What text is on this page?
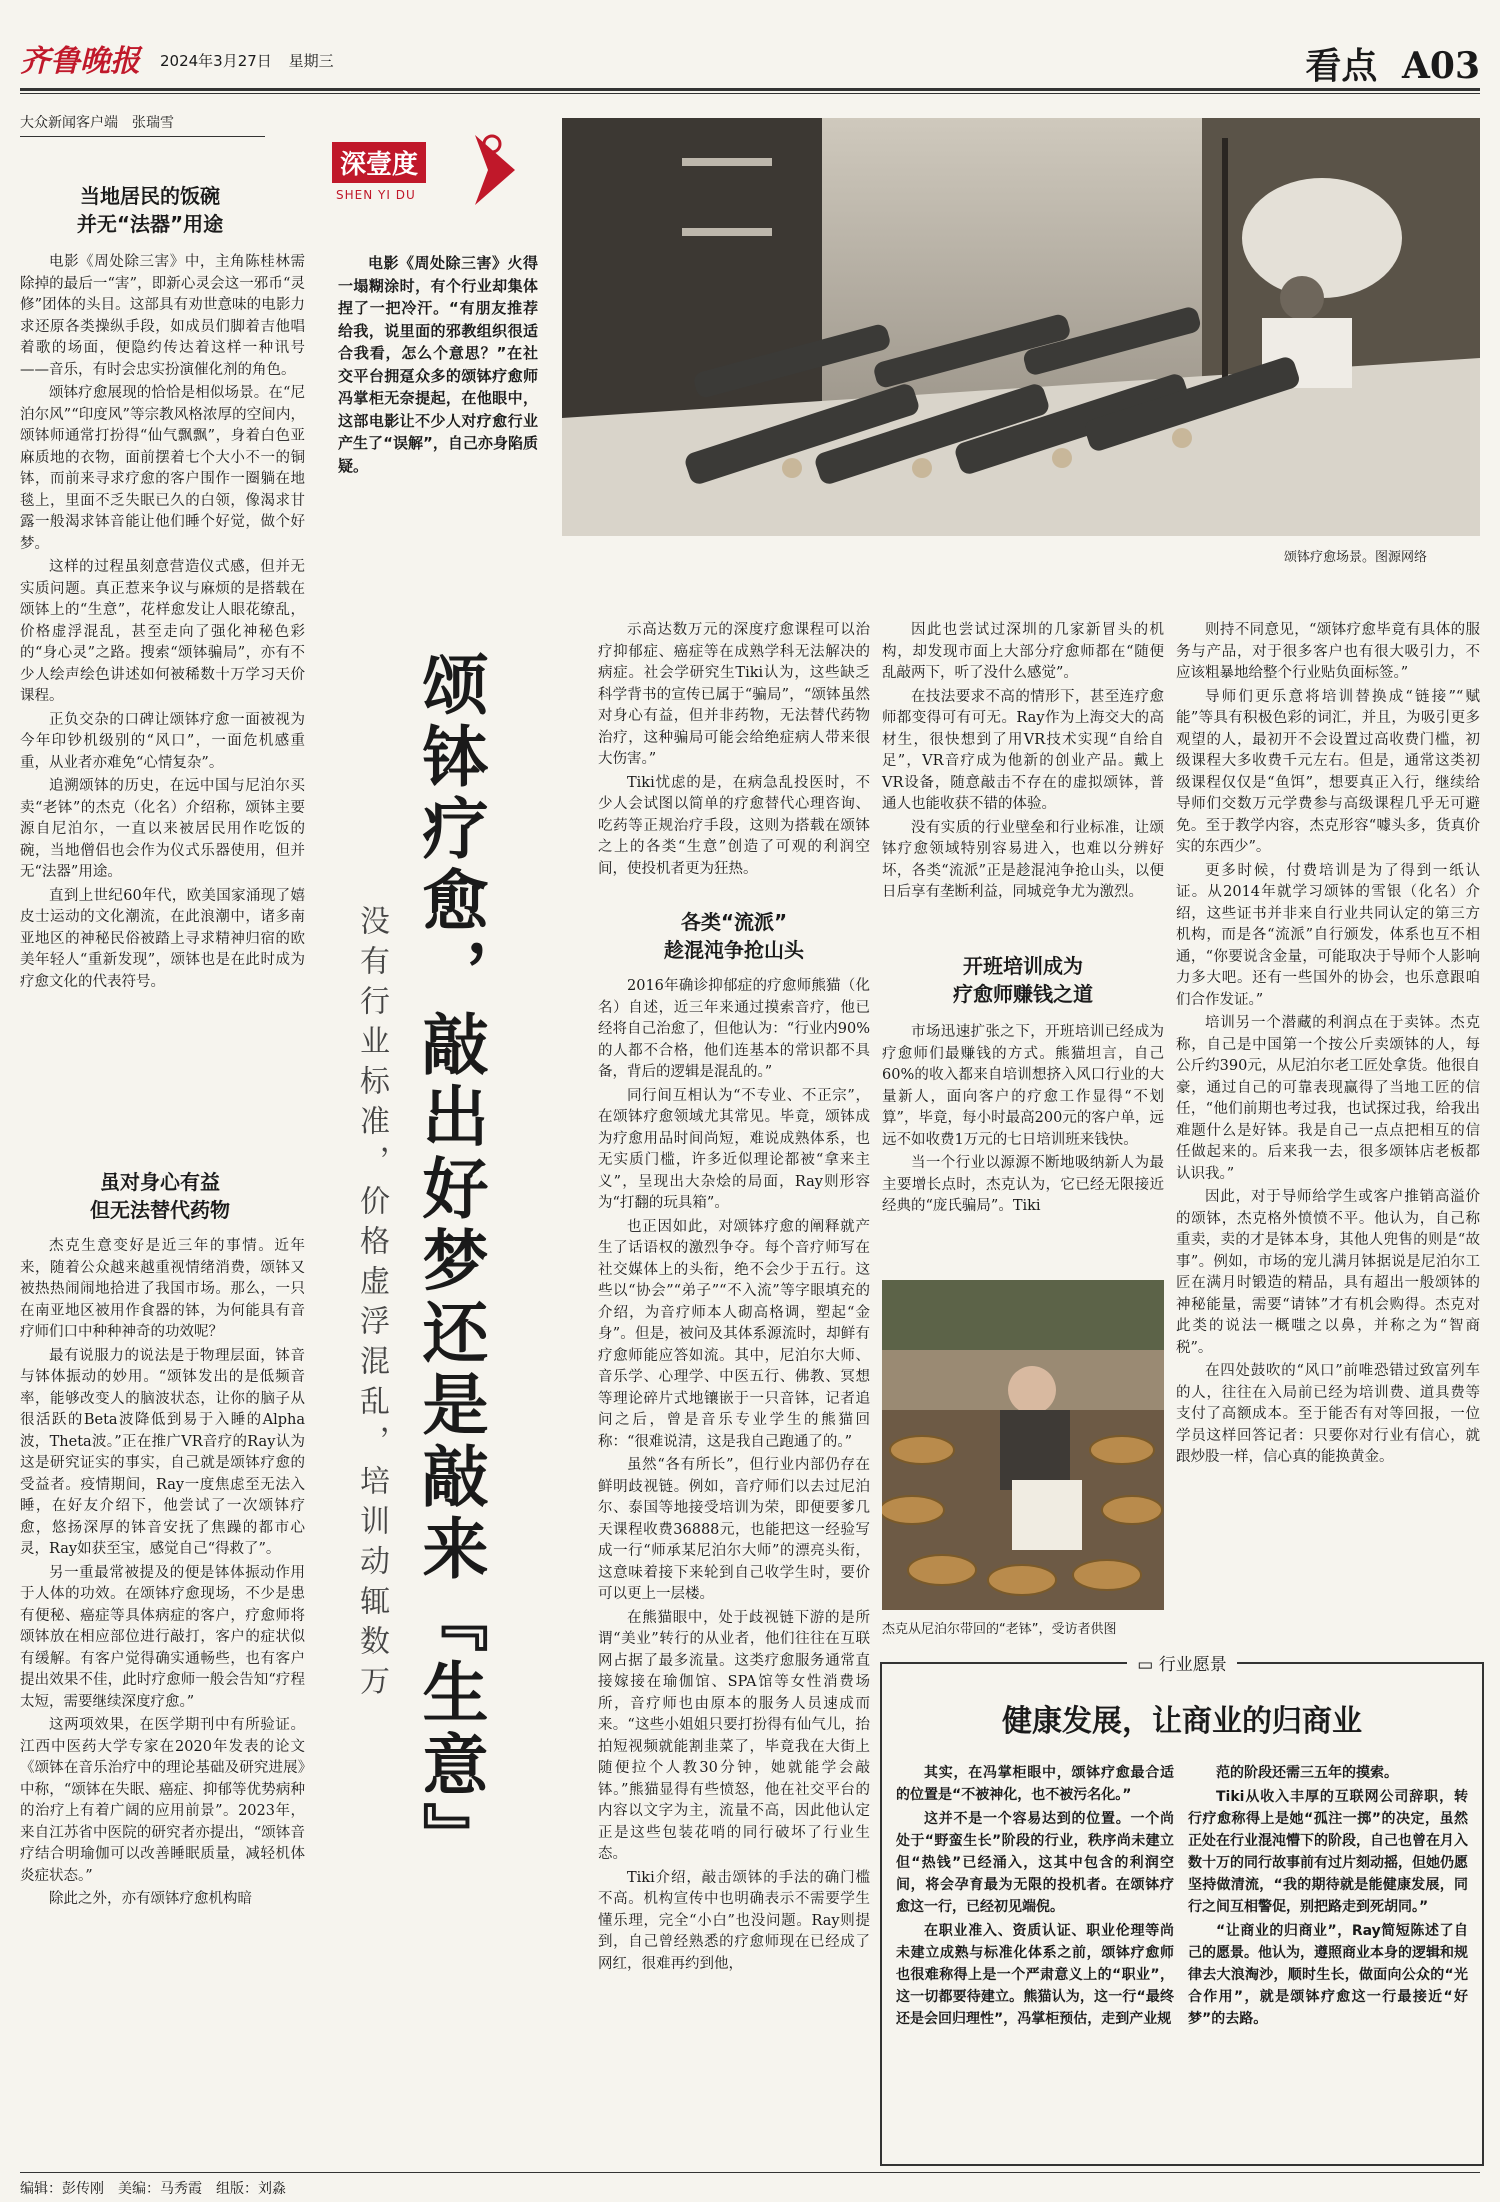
齐鲁晚报 2024年3月27日 星期三	看点 A03
大众新闻客户端　张瑞雪
深壹度
SHEN YI DU
电影《周处除三害》火得一塌糊涂时，有个行业却集体捏了一把冷汗。“有朋友推荐给我，说里面的邪教组织很适合我看，怎么个意思？”在社交平台拥趸众多的颂钵疗愈师冯掌柜无奈提起，在他眼中，这部电影让不少人对疗愈行业产生了“误解”，自己亦身陷质疑。
颂钵疗愈场景。图源网络
当地居民的饭碗
并无“法器”用途

电影《周处除三害》中，主角陈桂林需除掉的最后一“害”，即新心灵会这一邪币“灵修”团体的头目。这部具有劝世意味的电影力求还原各类操纵手段，如成员们脚着吉他唱着歌的场面，便隐约传达着这样一种讯号——音乐，有时会忠实扮演催化剂的角色。

颂钵疗愈展现的恰恰是相似场景。在“尼泊尔风”“印度风”等宗教风格浓厚的空间内，颂钵师通常打扮得“仙气飘飘”，身着白色亚麻质地的衣物，面前摆着七个大小不一的铜钵，而前来寻求疗愈的客户围作一圈躺在地毯上，里面不乏失眠已久的白领，像渴求甘露一般渴求钵音能让他们睡个好觉，做个好梦。

这样的过程虽刻意营造仪式感，但并无实质问题。真正惹来争议与麻烦的是搭载在颂钵上的“生意”，花样愈发让人眼花缭乱，价格虚浮混乱，甚至走向了强化神秘色彩的“身心灵”之路。搜索“颂钵骗局”，亦有不少人绘声绘色讲述如何被稀数十万学习天价课程。

正负交杂的口碑让颂钵疗愈一面被视为今年印钞机级别的“风口”，一面危机感重重，从业者亦难免“心情复杂”。

追溯颂钵的历史，在远中国与尼泊尔买卖“老钵”的杰克（化名）介绍称，颂钵主要源自尼泊尔，一直以来被居民用作吃饭的碗，当地僧侣也会作为仪式乐器使用，但并无“法器”用途。

直到上世纪60年代，欧美国家涌现了嬉皮士运动的文化潮流，在此浪潮中，诸多南亚地区的神秘民俗被踏上寻求精神归宿的欧美年轻人“重新发现”，颂钵也是在此时成为疗愈文化的代表符号。

虽对身心有益
但无法替代药物

杰克生意变好是近三年的事情。近年来，随着公众越来越重视情绪消费，颂钵又被热热闹闹地拾进了我国市场。那么，一只在南亚地区被用作食器的钵，为何能具有音疗师们口中种种神奇的功效呢？

最有说服力的说法是于物理层面，钵音与钵体振动的妙用。“颂钵发出的是低频音率，能够改变人的脑波状态，让你的脑子从很活跃的Beta波降低到易于入睡的Alpha波，Theta波。”正在推广VR音疗的Ray认为这是研究证实的事实，自己就是颂钵疗愈的受益者。疫情期间，Ray一度焦虑至无法入睡，在好友介绍下，他尝试了一次颂钵疗愈，悠扬深厚的钵音安抚了焦躁的都市心灵，Ray如获至宝，感觉自己“得救了”。

另一重最常被提及的便是钵体振动作用于人体的功效。在颂钵疗愈现场，不少是患有便秘、癌症等具体病症的客户，疗愈师将颂钵放在相应部位进行敲打，客户的症状似有缓解。有客户觉得确实通畅些，也有客户提出效果不佳，此时疗愈师一般会告知“疗程太短，需要继续深度疗愈。”

这两项效果，在医学期刊中有所验证。江西中医药大学专家在2020年发表的论文《颂钵在音乐治疗中的理论基础及研究进展》中称，“颂钵在失眠、癌症、抑郁等优势病种的治疗上有着广阔的应用前景”。2023年，来自江苏省中医院的研究者亦提出，“颂钵音疗结合明瑜伽可以改善睡眠质量，减轻机体炎症状态。”

除此之外，亦有颂钵疗愈机构暗

颂钵疗愈，敲出好梦还是敲来『生意』
没有行业标准，价格虚浮混乱，培训动辄数万

示高达数万元的深度疗愈课程可以治疗抑郁症、癌症等在成熟学科无法解决的病症。社会学研究生Tiki认为，这些缺乏科学背书的宣传已属于“骗局”，“颂钵虽然对身心有益，但并非药物，无法替代药物治疗，这种骗局可能会给绝症病人带来很大伤害。”

Tiki忧虑的是，在病急乱投医时，不少人会试图以简单的疗愈替代心理咨询、吃药等正规治疗手段，这则为搭载在颂钵之上的各类“生意”创造了可观的利润空间，使投机者更为狂热。

各类“流派”
趁混沌争抢山头

2016年确诊抑郁症的疗愈师熊猫（化名）自述，近三年来通过摸索音疗，他已经将自己治愈了，但他认为：“行业内90%的人都不合格，他们连基本的常识都不具备，背后的逻辑是混乱的。”

同行间互相认为“不专业、不正宗”，在颂钵疗愈领域尤其常见。毕竟，颂钵成为疗愈用品时间尚短，难说成熟体系，也无实质门槛，许多近似理论都被“拿来主义”，呈现出大杂烩的局面，Ray则形容为“打翻的玩具箱”。

也正因如此，对颂钵疗愈的阐释就产生了话语权的激烈争夺。每个音疗师写在社交媒体上的头衔，绝不会少于五行。这些以“协会”“弟子”“不入流”等字眼填充的介绍，为音疗师本人砌高格调，塑起“金身”。但是，被问及其体系源流时，却鲜有疗愈师能应答如流。其中，尼泊尔大师、音乐学、心理学、中医五行、佛教、冥想等理论碎片式地镶嵌于一只音钵，记者追问之后，曾是音乐专业学生的熊猫回称：“很难说清，这是我自己跑通了的。”

虽然“各有所长”，但行业内部仍存在鲜明歧视链。例如，音疗师们以去过尼泊尔、泰国等地接受培训为荣，即便要爹几天课程收费36888元，也能把这一经验写成一行“师承某尼泊尔大师”的漂亮头衔，这意味着接下来轮到自己收学生时，要价可以更上一层楼。

在熊猫眼中，处于歧视链下游的是所谓“美业”转行的从业者，他们往往在互联网占据了最多流量。这类疗愈服务通常直接嫁接在瑜伽馆、SPA馆等女性消费场所，音疗师也由原本的服务人员速成而来。“这些小姐姐只要打扮得有仙气儿，抬拍短视频就能割韭菜了，毕竟我在大街上随便拉个人教30分钟，她就能学会敲钵。”熊猫显得有些愤怒，他在社交平台的内容以文字为主，流量不高，因此他认定正是这些包装花哨的同行破坏了行业生态。

Tiki介绍，敲击颂钵的手法的确门槛不高。机构宣传中也明确表示不需要学生懂乐理，完全“小白”也没问题。Ray则提到，自己曾经熟悉的疗愈师现在已经成了网红，很难再约到他，

因此也尝试过深圳的几家新冒头的机构，却发现市面上大部分疗愈师都在“随便乱敲两下，听了没什么感觉”。

在技法要求不高的情形下，甚至连疗愈师都变得可有可无。Ray作为上海交大的高材生，很快想到了用VR技术实现“自给自足”，VR音疗成为他新的创业产品。戴上VR设备，随意敲击不存在的虚拟颂钵，普通人也能收获不错的体验。

没有实质的行业壁垒和行业标准，让颂钵疗愈领域特别容易进入，也难以分辨好坏，各类“流派”正是趁混沌争抢山头，以便日后享有垄断利益，同城竞争尤为激烈。

开班培训成为
疗愈师赚钱之道

市场迅速扩张之下，开班培训已经成为疗愈师们最赚钱的方式。熊猫坦言，自己60%的收入都来自培训想挤入风口行业的大量新人，面向客户的疗愈工作显得“不划算”，毕竟，每小时最高200元的客户单，远远不如收费1万元的七日培训班来钱快。

当一个行业以源源不断地吸纳新人为最主要增长点时，杰克认为，它已经无限接近经典的“庞氏骗局”。Tiki

杰克从尼泊尔带回的“老钵”，受访者供图

则持不同意见，“颂钵疗愈毕竟有具体的服务与产品，对于很多客户也有很大吸引力，不应该粗暴地给整个行业贴负面标签。”

导师们更乐意将培训替换成“链接”“赋能”等具有积极色彩的词汇，并且，为吸引更多观望的人，最初开不会设置过高收费门槛，初级课程大多收费千元左右。但是，通常这类初级课程仅仅是“鱼饵”，想要真正入行，继续给导师们交数万元学费参与高级课程几乎无可避免。至于教学内容，杰克形容“噱头多，货真价实的东西少”。

更多时候，付费培训是为了得到一纸认证。从2014年就学习颂钵的雪银（化名）介绍，这些证书并非来自行业共同认定的第三方机构，而是各“流派”自行颁发，体系也互不相通，“你要说含金量，可能取决于导师个人影响力多大吧。还有一些国外的协会，也乐意跟咱们合作发证。”

培训另一个潜藏的利润点在于卖钵。杰克称，自己是中国第一个按公斤卖颂钵的人，每公斤约390元，从尼泊尔老工匠处拿货。他很自豪，通过自己的可靠表现赢得了当地工匠的信任，“他们前期也考过我，也试探过我，给我出难题什么是好钵。我是自己一点点把相互的信任做起来的。后来我一去，很多颂钵店老板都认识我。”

因此，对于导师给学生或客户推销高溢价的颂钵，杰克格外愤愤不平。他认为，自己称重卖，卖的才是钵本身，其他人兜售的则是“故事”。例如，市场的宠儿满月钵据说是尼泊尔工匠在满月时锻造的精品，具有超出一般颂钵的神秘能量，需要“请钵”才有机会购得。杰克对此类的说法一概嗤之以鼻，并称之为“智商税”。

在四处鼓吹的“风口”前唯恐错过致富列车的人，往往在入局前已经为培训费、道具费等支付了高额成本。至于能否有对等回报，一位学员这样回答记者：只要你对行业有信心，就跟炒股一样，信心真的能换黄金。

▭ 行业愿景
健康发展，让商业的归商业

其实，在冯掌柜眼中，颂钵疗愈最合适的位置是“不被神化，也不被污名化。”

这并不是一个容易达到的位置。一个尚处于“野蛮生长”阶段的行业，秩序尚未建立但“热钱”已经涌入，这其中包含的利润空间，将会孕育最为无限的投机者。在颂钵疗愈这一行，已经初见端倪。

在职业准入、资质认证、职业伦理等尚未建立成熟与标准化体系之前，颂钵疗愈师也很难称得上是一个严肃意义上的“职业”，这一切都要待建立。熊猫认为，这一行“最终还是会回归理性”，冯掌柜预估，走到产业规

范的阶段还需三五年的摸索。

Tiki从收入丰厚的互联网公司辞职，转行疗愈称得上是她“孤注一掷”的决定，虽然正处在行业混沌懵下的阶段，自己也曾在月入数十万的同行故事前有过片刻动摇，但她仍愿坚持做清流，“我的期待就是能健康发展，同行之间互相警促，别把路走到死胡同。”

“让商业的归商业”，Ray简短陈述了自己的愿景。他认为，遵照商业本身的逻辑和规律去大浪淘沙，顺时生长，做面向公众的“光合作用”，就是颂钵疗愈这一行最接近“好梦”的去路。

编辑：彭传刚　美编：马秀霞　组版：刘淼
